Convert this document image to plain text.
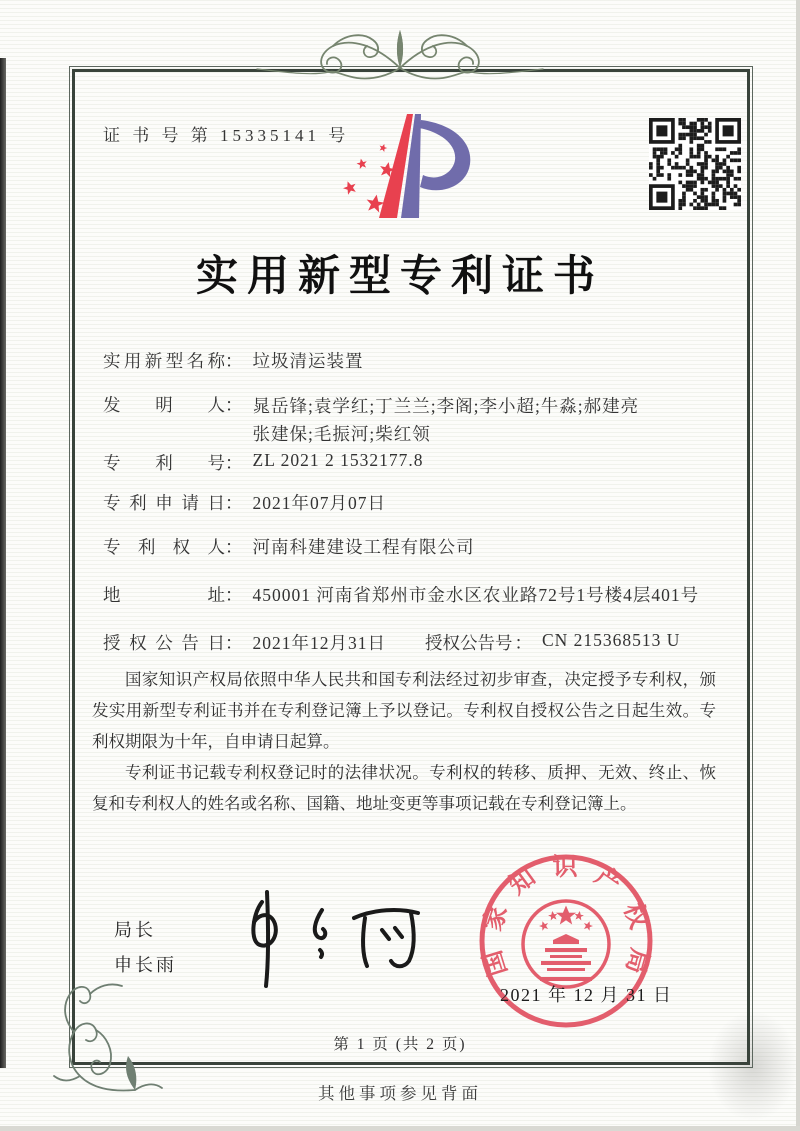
证 书 号 第 15335141 号
实用新型专利证书
实用新型名称： 垃圾清运装置
发明人： 晁岳锋;袁学红;丁兰兰;李阁;李小超;牛淼;郝建亮
张建保;毛振河;柴红领
专利号： ZL 2021 2 1532177.8
专利申请日： 2021年07月07日
专利权人： 河南科建建设工程有限公司
地址： 450001 河南省郑州市金水区农业路72号1号楼4层401号
授权公告日： 2021年12月31日 授权公告号 ： CN 215368513 U

国家知识产权局依照中华人民共和国专利法经过初步审查，决定授予专利权，颁发实用新型专利证书并在专利登记簿上予以登记。专利权自授权公告之日起生效。专利权期限为十年，自申请日起算。

专利证书记载专利权登记时的法律状况。专利权的转移、质押、无效、终止、恢复和专利权人的姓名或名称、国籍、地址变更等事项记载在专利登记簿上。

局长
申长雨	国家知识产权局
2021 年 12 月 31 日
第 1 页 (共 2 页)
其他事项参见背面
